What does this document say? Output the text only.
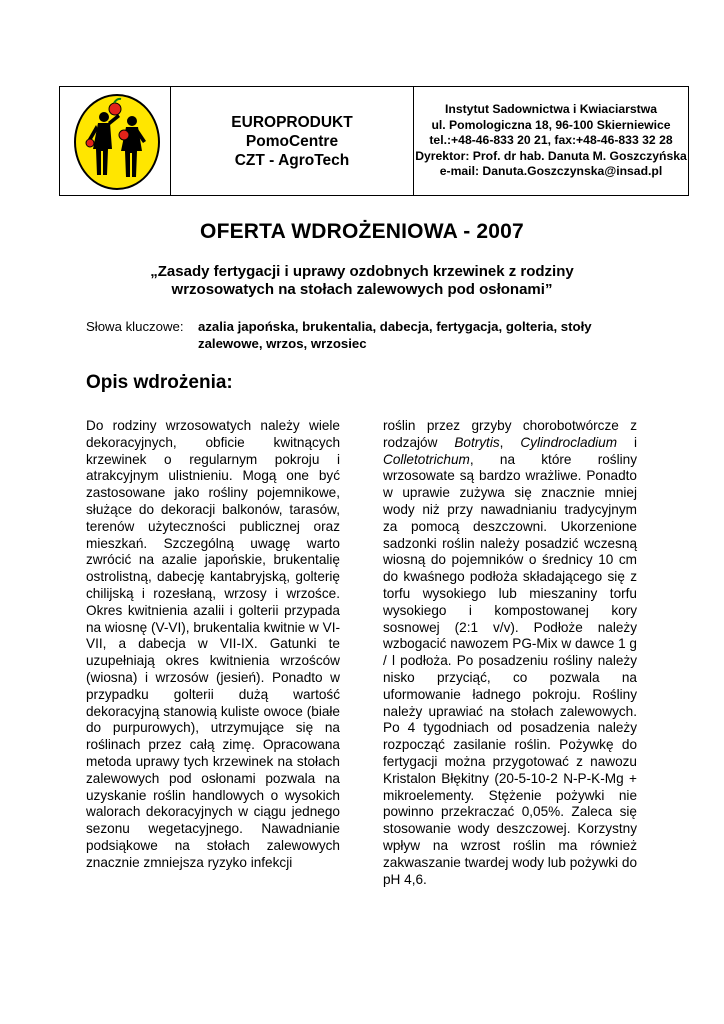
EUROPRODUKT
PomoCentre
CZT - AgroTech
Instytut Sadownictwa i Kwiaciarstwa
ul. Pomologiczna 18, 96-100 Skierniewice
tel.:+48-46-833 20 21, fax:+48-46-833 32 28
Dyrektor: Prof. dr hab. Danuta M. Goszczyńska
e-mail: Danuta.Goszczynska@insad.pl
OFERTA WDROŻENIOWA - 2007
„Zasady fertygacji i uprawy ozdobnych krzewinek z rodziny wrzosowatych na stołach zalewowych pod osłonami”
Słowa kluczowe:	azalia japońska, brukentalia, dabecja, fertygacja, golteria, stoły zalewowe, wrzos, wrzosiec
Opis wdrożenia:

Do rodziny wrzosowatych należy wiele dekoracyjnych, obficie kwitnących krzewinek o regularnym pokroju i atrakcyjnym ulistnieniu. Mogą one być zastosowane jako rośliny pojemnikowe, służące do dekoracji balkonów, tarasów, terenów użyteczności publicznej oraz mieszkań. Szczególną uwagę warto zwrócić na azalie japońskie, brukentalię ostrolistną, dabecję kantabryjską, golterię chilijską i rozesłaną, wrzosy i wrzośce. Okres kwitnienia azalii i golterii przypada na wiosnę (V-VI), brukentalia kwitnie w VI-VII, a dabecja w VII-IX. Gatunki te uzupełniają okres kwitnienia wrzośców (wiosna) i wrzosów (jesień). Ponadto w przypadku golterii dużą wartość dekoracyjną stanowią kuliste owoce (białe do purpurowych), utrzymujące się na roślinach przez całą zimę. Opracowana metoda uprawy tych krzewinek na stołach zalewowych pod osłonami pozwala na uzyskanie roślin handlowych o wysokich walorach dekoracyjnych w ciągu jednego sezonu wegetacyjnego. Nawadnianie podsiąkowe na stołach zalewowych znacznie zmniejsza ryzyko infekcji

roślin przez grzyby chorobotwórcze z rodzajów Botrytis, Cylindrocladium i Colletotrichum, na które rośliny wrzosowate są bardzo wrażliwe. Ponadto w uprawie zużywa się znacznie mniej wody niż przy nawadnianiu tradycyjnym za pomocą deszczowni. Ukorzenione sadzonki roślin należy posadzić wczesną wiosną do pojemników o średnicy 10 cm do kwaśnego podłoża składającego się z torfu wysokiego lub mieszaniny torfu wysokiego i kompostowanej kory sosnowej (2:1 v/v). Podłoże należy wzbogacić nawozem PG-Mix w dawce 1 g / l podłoża. Po posadzeniu rośliny należy nisko przyciąć, co pozwala na uformowanie ładnego pokroju. Rośliny należy uprawiać na stołach zalewowych. Po 4 tygodniach od posadzenia należy rozpocząć zasilanie roślin. Pożywkę do fertygacji można przygotować z nawozu Kristalon Błękitny (20-5-10-2 N-P-K-Mg + mikroelementy. Stężenie pożywki nie powinno przekraczać 0,05%. Zaleca się stosowanie wody deszczowej. Korzystny wpływ na wzrost roślin ma również zakwaszanie twardej wody lub pożywki do pH 4,6.
